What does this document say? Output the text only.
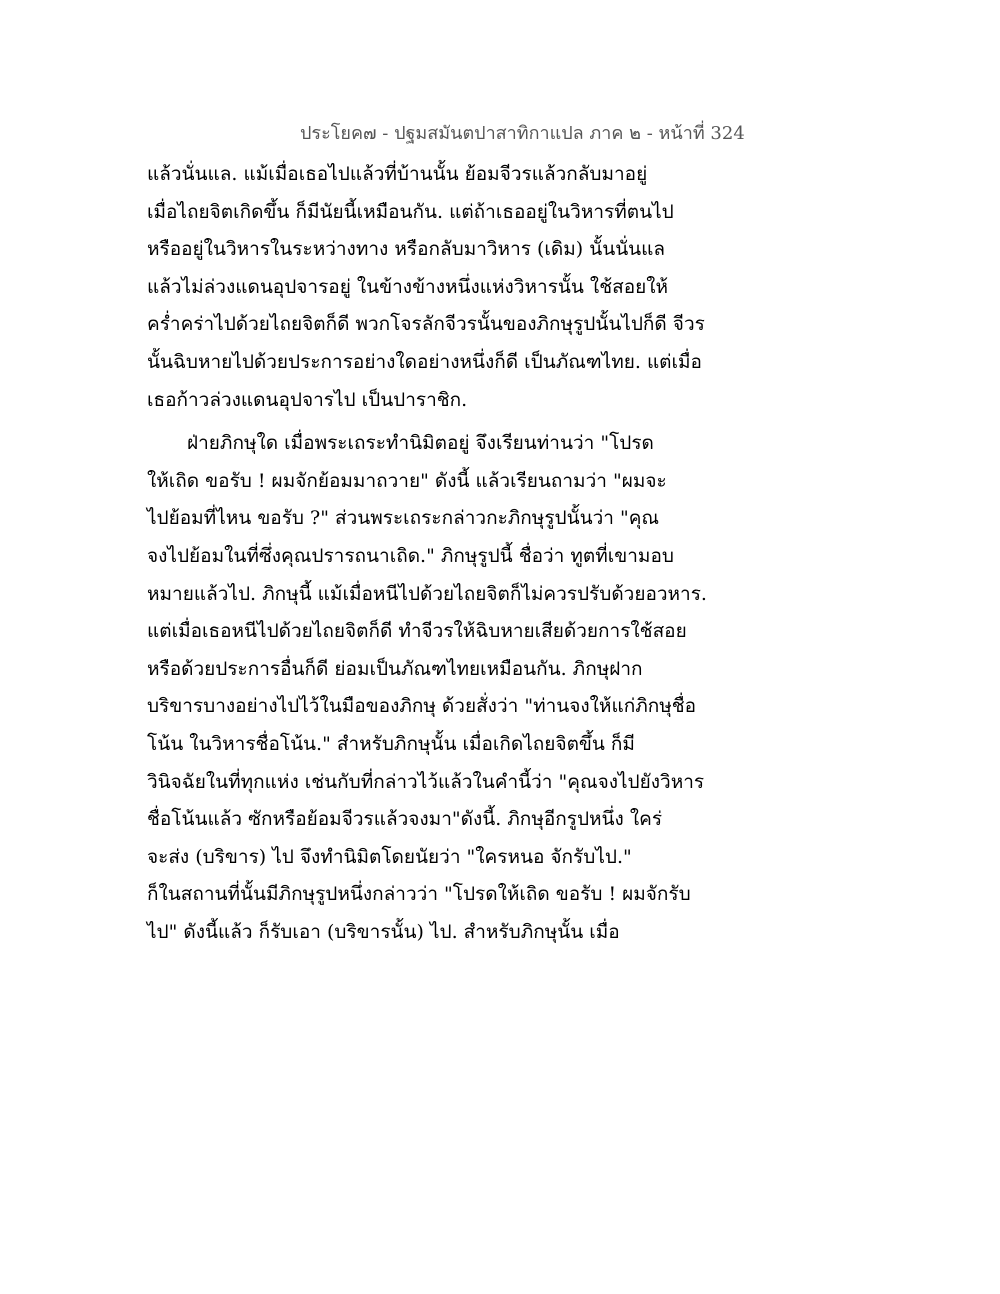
ประโยค๗ - ปฐมสมันตปาสาทิกาแปล ภาค ๒ - หน้าที่ 324
แล้วนั่นแล. แม้เมื่อเธอไปแล้วที่บ้านนั้น ย้อมจีวรแล้วกลับมาอยู่
เมื่อไถยจิตเกิดขึ้น ก็มีนัยนี้เหมือนกัน. แต่ถ้าเธออยู่ในวิหารที่ตนไป
หรืออยู่ในวิหารในระหว่างทาง หรือกลับมาวิหาร (เดิม) นั้นนั่นแล
แล้วไม่ล่วงแดนอุปจารอยู่ ในข้างข้างหนึ่งแห่งวิหารนั้น ใช้สอยให้
คร่ำคร่าไปด้วยไถยจิตก็ดี พวกโจรลักจีวรนั้นของภิกษุรูปนั้นไปก็ดี จีวร
นั้นฉิบหายไปด้วยประการอย่างใดอย่างหนึ่งก็ดี เป็นภัณฑไทย. แต่เมื่อ
เธอก้าวล่วงแดนอุปจารไป เป็นปาราชิก.
ฝ่ายภิกษุใด เมื่อพระเถระทำนิมิตอยู่ จึงเรียนท่านว่า "โปรด
ให้เถิด ขอรับ ! ผมจักย้อมมาถวาย" ดังนี้ แล้วเรียนถามว่า "ผมจะ
ไปย้อมที่ไหน ขอรับ ?" ส่วนพระเถระกล่าวกะภิกษุรูปนั้นว่า "คุณ
จงไปย้อมในที่ซึ่งคุณปรารถนาเถิด." ภิกษุรูปนี้ ชื่อว่า ทูตที่เขามอบ
หมายแล้วไป. ภิกษุนี้ แม้เมื่อหนีไปด้วยไถยจิตก็ไม่ควรปรับด้วยอวหาร.
แต่เมื่อเธอหนีไปด้วยไถยจิตก็ดี ทำจีวรให้ฉิบหายเสียด้วยการใช้สอย
หรือด้วยประการอื่นก็ดี ย่อมเป็นภัณฑไทยเหมือนกัน. ภิกษุฝาก
บริขารบางอย่างไปไว้ในมือของภิกษุ ด้วยสั่งว่า "ท่านจงให้แก่ภิกษุชื่อ
โน้น ในวิหารชื่อโน้น." สำหรับภิกษุนั้น เมื่อเกิดไถยจิตขึ้น ก็มี
วินิจฉัยในที่ทุกแห่ง เช่นกับที่กล่าวไว้แล้วในคำนี้ว่า "คุณจงไปยังวิหาร
ชื่อโน้นแล้ว ซักหรือย้อมจีวรแล้วจงมา"ดังนี้. ภิกษุอีกรูปหนึ่ง ใคร่
จะส่ง (บริขาร) ไป จึงทำนิมิตโดยนัยว่า "ใครหนอ จักรับไป."
ก็ในสถานที่นั้นมีภิกษุรูปหนึ่งกล่าวว่า "โปรดให้เถิด ขอรับ ! ผมจักรับ
ไป" ดังนี้แล้ว ก็รับเอา (บริขารนั้น) ไป. สำหรับภิกษุนั้น เมื่อ
